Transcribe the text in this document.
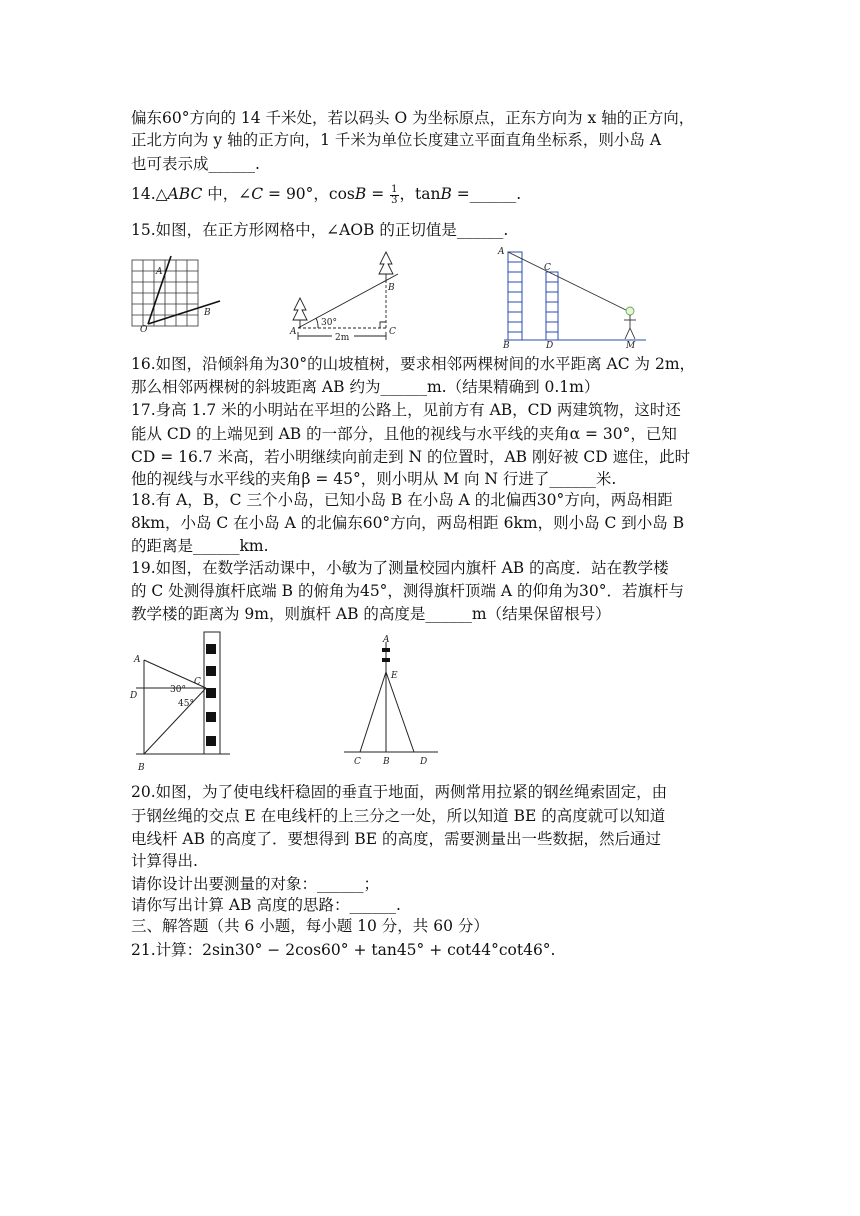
偏东60°方向的 14 千米处，若以码头 O 为坐标原点，正东方向为 x 轴的正方向，
正北方向为 y 轴的正方向，1 千米为单位长度建立平面直角坐标系，则小岛 A
也可表示成______.
14.△ABC 中，∠C = 90°，$\cos B = \frac{1}{3}$ ，tanB =______.
15.如图，在正方形网格中，∠AOB 的正切值是______.
A
O
B
A
B
C
30°
2m
A
B
C
D	M
16.如图，沿倾斜角为30°的山坡植树，要求相邻两棵树间的水平距离 AC 为 2m，
那么相邻两棵树的斜坡距离 AB 约为______m.（结果精确到 0.1m）
17.身高 1.7 米的小明站在平坦的公路上，见前方有 AB，CD 两建筑物，这时还
能从 CD 的上端见到 AB 的一部分，且他的视线与水平线的夹角α = 30°，已知
CD = 16.7 米高，若小明继续向前走到 N 的位置时，AB 刚好被 CD 遮住，此时
他的视线与水平线的夹角β = 45°，则小明从 M 向 N 行进了______米.
18.有 A，B，C 三个小岛，已知小岛 B 在小岛 A 的北偏西30°方向，两岛相距
8km，小岛 C 在小岛 A 的北偏东60°方向，两岛相距 6km，则小岛 C 到小岛 B
的距离是______km.
19.如图，在数学活动课中，小敏为了测量校园内旗杆 AB 的高度．站在教学楼
的 C 处测得旗杆底端 B 的俯角为45°，测得旗杆顶端 A 的仰角为30°．若旗杆与
教学楼的距离为 9m，则旗杆 AB 的高度是______m（结果保留根号）
A
B
C
D
30°
45°
A
E
C B	D
20.如图，为了使电线杆稳固的垂直于地面，两侧常用拉紧的钢丝绳索固定，由
于钢丝绳的交点 E 在电线杆的上三分之一处，所以知道 BE 的高度就可以知道
电线杆 AB 的高度了．要想得到 BE 的高度，需要测量出一些数据，然后通过
计算得出.
请你设计出要测量的对象：______；
请你写出计算 AB 高度的思路：______.
三、解答题（共 6 小题，每小题 10 分，共 60 分）
21.计算：2sin30° − 2cos60° + tan45° + cot44°cot46°.
